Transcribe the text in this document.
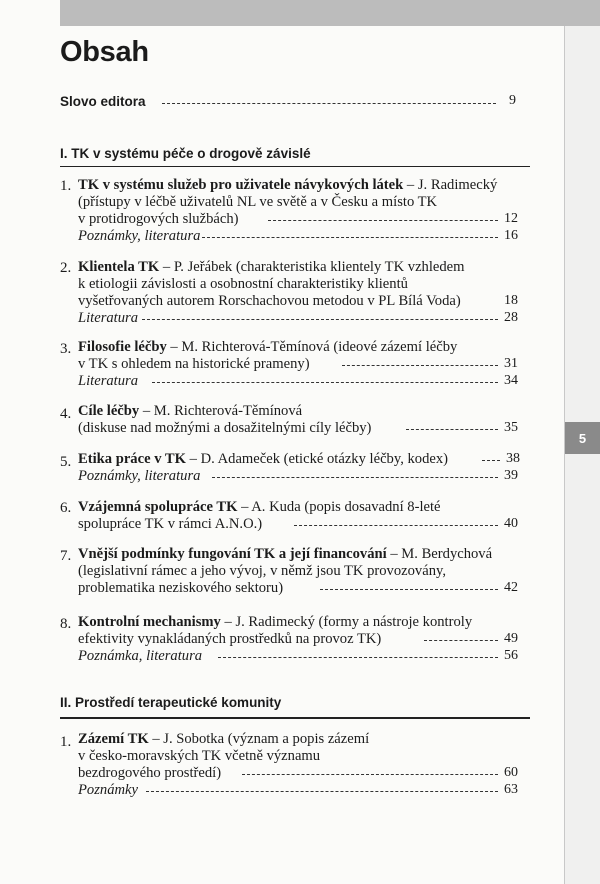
5
Obsah
Slovo editora	9
I. TK v systému péče o drogově závislé
1. TK v systému služeb pro uživatele návykových látek – J. Radimecký
(přístupy v léčbě uživatelů NL ve světě a v Česku a místo TK
v protidrogových službách)	12
Poznámky, literatura	16
2. Klientela TK – P. Jeřábek (charakteristika klientely TK vzhledem
k etiologii závislosti a osobnostní charakteristiky klientů
vyšetřovaných autorem Rorschachovou metodou v PL Bílá Voda)	18
Literatura	28
3. Filosofie léčby – M. Richterová-Těmínová (ideové zázemí léčby
v TK s ohledem na historické prameny)	31
Literatura	34
4. Cíle léčby – M. Richterová-Těmínová
(diskuse nad možnými a dosažitelnými cíly léčby)	35
5. Etika práce v TK – D. Adameček (etické otázky léčby, kodex)	38
Poznámky, literatura	39
6. Vzájemná spolupráce TK – A. Kuda (popis dosavadní 8-leté
spolupráce TK v rámci A.N.O.)	40
7. Vnější podmínky fungování TK a její financování – M. Berdychová
(legislativní rámec a jeho vývoj, v němž jsou TK provozovány,
problematika neziskového sektoru)	42
8. Kontrolní mechanismy – J. Radimecký (formy a nástroje kontroly
efektivity vynakládaných prostředků na provoz TK)	49
Poznámka, literatura	56
II. Prostředí terapeutické komunity
1. Zázemí TK – J. Sobotka (význam a popis zázemí
v česko-moravských TK včetně významu
bezdrogového prostředí)	60
Poznámky	63
